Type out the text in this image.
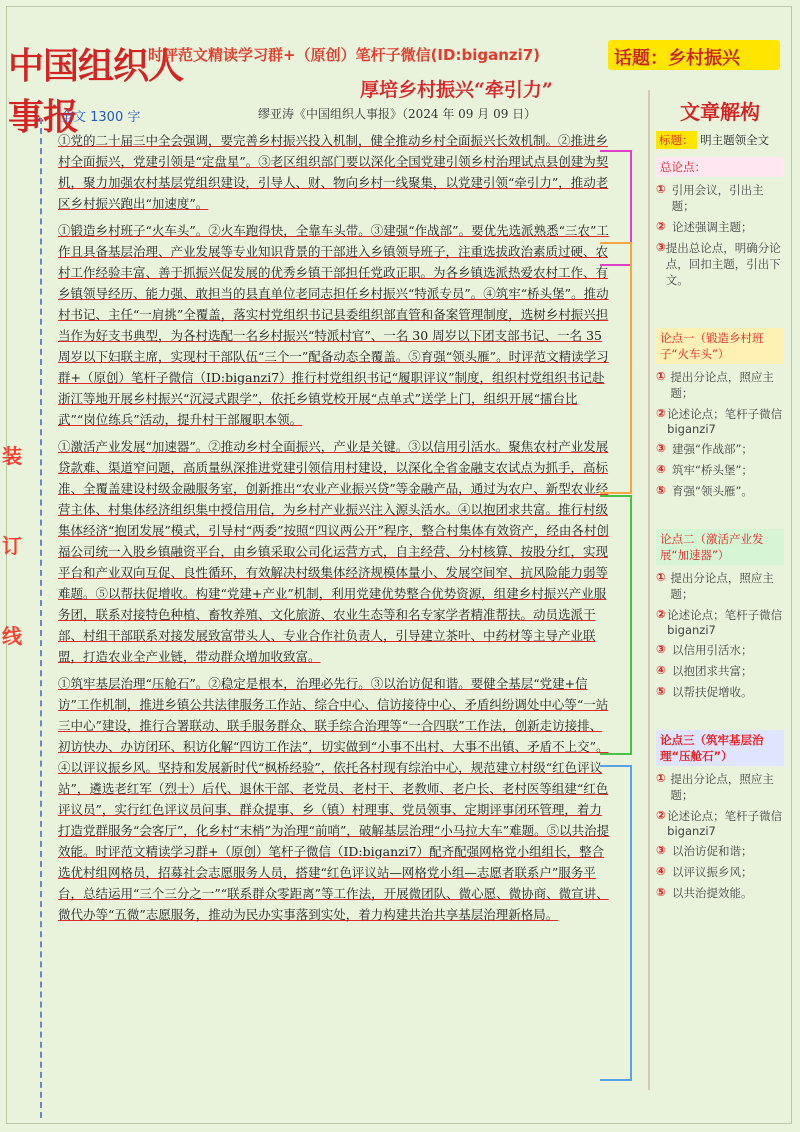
中国组织人事报
时评范文精读学习群+（原创）笔杆子微信(ID:biganzi7)	话题：乡村振兴
厚培乡村振兴“牵引力”
全文 1300 字	缪亚涛《中国组织人事报》（2024 年 09 月 09 日）
装
订
线

①党的二十届三中全会强调，要完善乡村振兴投入机制，健全推动乡村全面振兴长效机制。②推进乡村全面振兴，党建引领是“定盘星”。③老区组织部门要以深化全国党建引领乡村治理试点县创建为契机，聚力加强农村基层党组织建设，引导人、财、物向乡村一线聚集，以党建引领“牵引力”，推动老区乡村振兴跑出“加速度”。

①锻造乡村班子“火车头”。②火车跑得快，全靠车头带。③建强“作战部”。要优先选派熟悉“三农”工作且具备基层治理、产业发展等专业知识背景的干部进入乡镇领导班子，注重选拔政治素质过硬、农村工作经验丰富、善于抓振兴促发展的优秀乡镇干部担任党政正职。为各乡镇选派热爱农村工作、有乡镇领导经历、能力强、敢担当的县直单位老同志担任乡村振兴“特派专员”。④筑牢“桥头堡”。推动村书记、主任“一肩挑”全覆盖，落实村党组织书记县委组织部直管和备案管理制度，选树乡村振兴担当作为好支书典型，为各村选配一名乡村振兴“特派村官”、一名 30 周岁以下团支部书记、一名 35 周岁以下妇联主席，实现村干部队伍“三个一”配备动态全覆盖。⑤育强“领头雁”。时评范文精读学习群+（原创）笔杆子微信（ID:biganzi7）推行村党组织书记“履职评议”制度，组织村党组织书记赴浙江等地开展乡村振兴“沉浸式跟学”，依托乡镇党校开展“点单式”送学上门，组织开展“擂台比武”“岗位练兵”活动，提升村干部履职本领。

①激活产业发展“加速器”。②推动乡村全面振兴，产业是关键。③以信用引活水。聚焦农村产业发展贷款难、渠道窄问题，高质量纵深推进党建引领信用村建设，以深化全省金融支农试点为抓手，高标准、全覆盖建设村级金融服务室，创新推出“农业产业振兴贷”等金融产品，通过为农户、新型农业经营主体、村集体经济组织集中授信用信，为乡村产业振兴注入源头活水。④以抱团求共富。推行村级集体经济“抱团发展”模式，引导村“两委”按照“四议两公开”程序，整合村集体有效资产，经由各村创福公司统一入股乡镇融资平台，由乡镇采取公司化运营方式，自主经营、分村核算、按股分红，实现平台和产业双向互促、良性循环，有效解决村级集体经济规模体量小、发展空间窄、抗风险能力弱等难题。⑤以帮扶促增收。构建“党建+产业”机制，利用党建优势整合优势资源，组建乡村振兴产业服务团，联系对接特色种植、畜牧养殖、文化旅游、农业生态等和名专家学者精准帮扶。动员选派干部、村组干部联系对接发展致富带头人、专业合作社负责人，引导建立茶叶、中药材等主导产业联盟，打造农业全产业链，带动群众增加收致富。

①筑牢基层治理“压舱石”。②稳定是根本，治理必先行。③以治访促和谐。要健全基层“党建+信访”工作机制，推进乡镇公共法律服务工作站、综合中心、信访接待中心、矛盾纠纷调处中心等“一站三中心”建设，推行合署联动、联手服务群众、联手综合治理等“一合四联”工作法，创新走访接排、初访快办、办访闭环、积访化解“四访工作法”，切实做到“小事不出村、大事不出镇、矛盾不上交”。④以评议振乡风。坚持和发展新时代“枫桥经验”，依托各村现有综治中心，规范建立村级“红色评议站”，遴选老红军（烈士）后代、退休干部、老党员、老村干、老教师、老户长、老村医等组建“红色评议员”，实行红色评议员问事、群众提事、乡（镇）村理事、党员领事、定期评事闭环管理，着力打造党群服务“会客厅”，化乡村“末梢”为治理“前哨”，破解基层治理“小马拉大车”难题。⑤以共治提效能。时评范文精读学习群+（原创）笔杆子微信（ID:biganzi7）配齐配强网格党小组组长，整合选优村组网格员，招募社会志愿服务人员，搭建“红色评议站—网格党小组—志愿者联系户”服务平台，总结运用“三个三分之一”“联系群众零距离”等工作法，开展微团队、微心愿、微协商、微宣讲、微代办等“五微”志愿服务，推动为民办实事落到实处，着力构建共治共享基层治理新格局。

文章解构
标题： 明主题领全文
总论点：
① 引用会议，引出主题；
② 论述强调主题；
③ 提出总论点，明确分论点，回扣主题，引出下文。
论点一（锻造乡村班子“火车头”）
① 提出分论点，照应主题；
② 论述论点；笔杆子微信 biganzi7
③ 建强“作战部”；
④ 筑牢“桥头堡”；
⑤ 育强“领头雁”。
论点二（激活产业发展“加速器”）
① 提出分论点，照应主题；
② 论述论点；笔杆子微信 biganzi7
③ 以信用引活水；
④ 以抱团求共富；
⑤ 以帮扶促增收。
论点三（筑牢基层治理“压舱石”）
① 提出分论点，照应主题；
② 论述论点；笔杆子微信 biganzi7
③ 以治访促和谐；
④ 以评议振乡风；
⑤ 以共治提效能。
